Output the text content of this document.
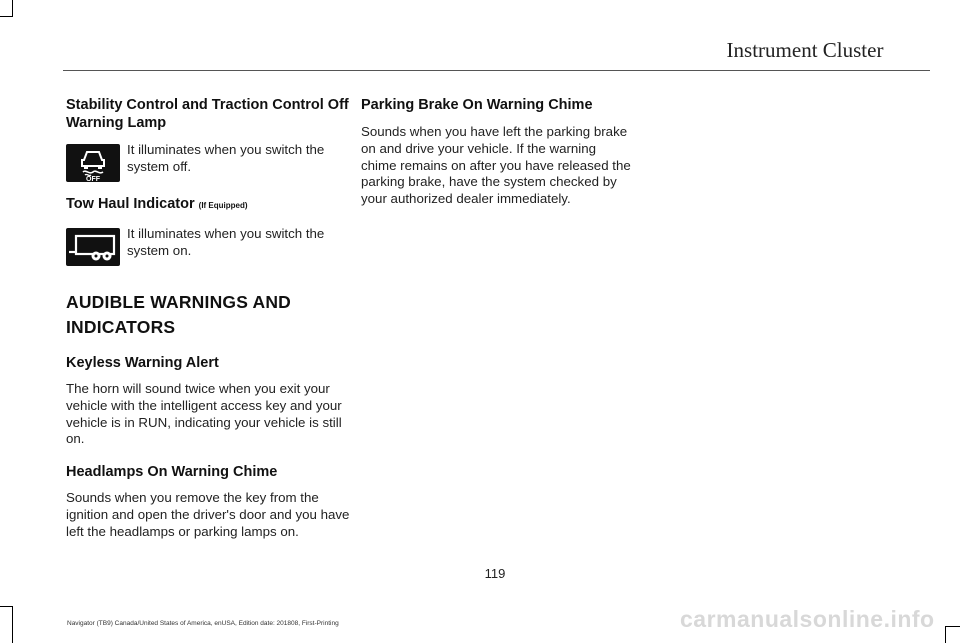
Instrument Cluster
Stability Control and Traction Control Off Warning Lamp
OFF

It illuminates when you switch the system off.

Tow Haul Indicator (If Equipped)

It illuminates when you switch the system on.

AUDIBLE WARNINGS AND
INDICATORS
Keyless Warning Alert

The horn will sound twice when you exit your vehicle with the intelligent access key and your vehicle is in RUN, indicating your vehicle is still on.

Headlamps On Warning Chime

Sounds when you remove the key from the ignition and open the driver's door and you have left the headlamps or parking lamps on.

Parking Brake On Warning Chime

Sounds when you have left the parking brake on and drive your vehicle. If the warning chime remains on after you have released the parking brake, have the system checked by your authorized dealer immediately.

119
Navigator (TB9) Canada/United States of America, enUSA, Edition date: 201808, First-Printing	carmanualsonline.info
